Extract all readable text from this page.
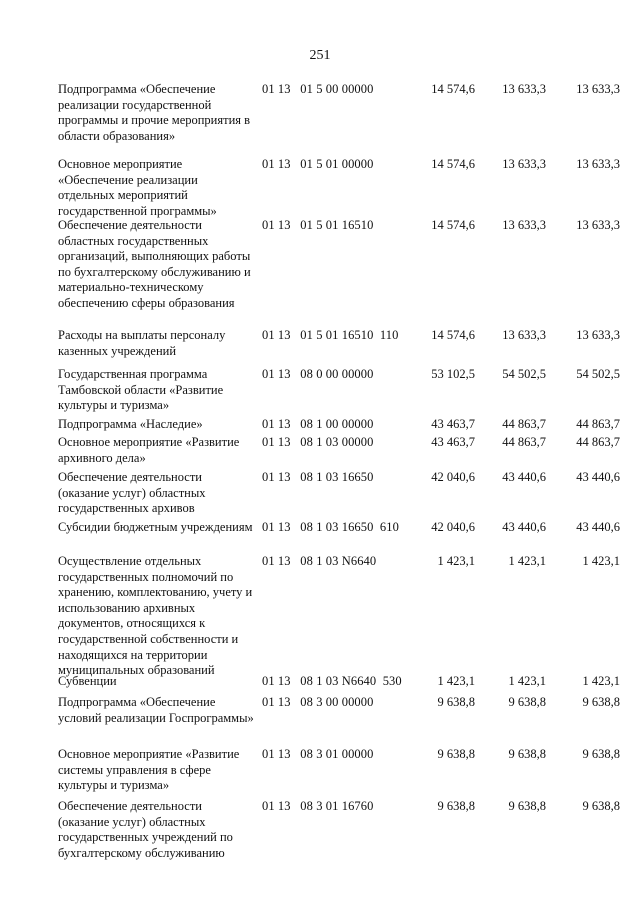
251
Подпрограмма «Обеспечение реализации государственной программы и прочие мероприятия в области образования»
01 13   01 5 00 00000	14 574,6	13 633,3	13 633,3
Основное мероприятие «Обеспечение реализации отдельных мероприятий государственной программы»
01 13   01 5 01 00000	14 574,6	13 633,3	13 633,3
Обеспечение деятельности областных государственных организаций, выполняющих работы по бухгалтерскому обслуживанию и материально-техническому обеспечению сферы образования
01 13   01 5 01 16510	14 574,6	13 633,3	13 633,3
Расходы на выплаты персоналу казенных учреждений
01 13   01 5 01 16510  110	14 574,6	13 633,3	13 633,3
Государственная программа Тамбовской области «Развитие культуры и туризма»
01 13   08 0 00 00000	53 102,5	54 502,5	54 502,5
Подпрограмма «Наследие»	01 13   08 1 00 00000	43 463,7	44 863,7	44 863,7
Основное мероприятие «Развитие архивного дела»
01 13   08 1 03 00000	43 463,7	44 863,7	44 863,7
Обеспечение деятельности (оказание услуг) областных государственных архивов
01 13   08 1 03 16650	42 040,6	43 440,6	43 440,6
Субсидии бюджетным учреждениям 01 13   08 1 03 16650  610	42 040,6	43 440,6	43 440,6
Осуществление отдельных государственных полномочий по хранению, комплектованию, учету и использованию архивных документов, относящихся к государственной собственности и находящихся на территории муниципальных образований
01 13   08 1 03 N6640	1 423,1	1 423,1	1 423,1
Субвенции	01 13   08 1 03 N6640  530	1 423,1	1 423,1	1 423,1
Подпрограмма «Обеспечение условий реализации Госпрограммы»
01 13   08 3 00 00000	9 638,8	9 638,8	9 638,8
Основное мероприятие «Развитие системы управления в сфере культуры и туризма»
01 13   08 3 01 00000	9 638,8	9 638,8	9 638,8
Обеспечение деятельности (оказание услуг) областных государственных учреждений по бухгалтерскому обслуживанию
01 13   08 3 01 16760	9 638,8	9 638,8	9 638,8
